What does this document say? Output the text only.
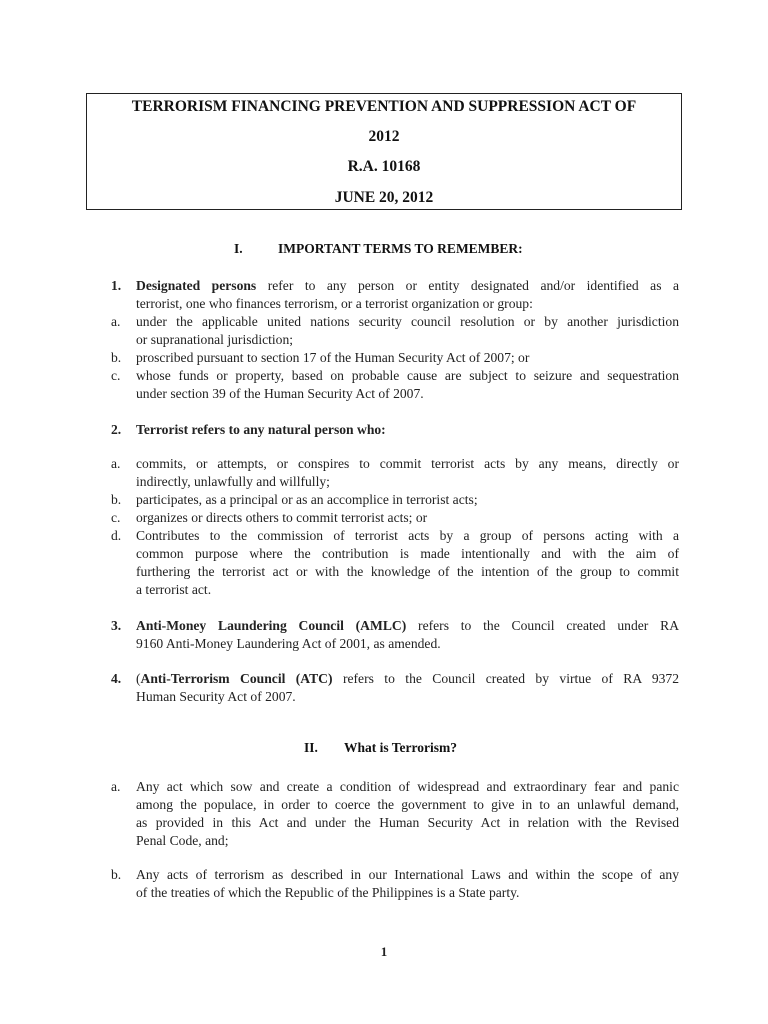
TERRORISM FINANCING PREVENTION AND SUPPRESSION ACT OF
2012
R.A. 10168
JUNE 20, 2012
I.	IMPORTANT TERMS TO REMEMBER:
1. Designated persons refer to any person or entity designated and/or identified as a
terrorist, one who finances terrorism, or a terrorist organization or group:
a. under the applicable united nations security council resolution or by another jurisdiction
or supranational jurisdiction;
b. proscribed pursuant to section 17 of the Human Security Act of 2007; or
c. whose funds or property, based on probable cause are subject to seizure and sequestration
under section 39 of the Human Security Act of 2007.
2. Terrorist refers to any natural person who:
a. commits, or attempts, or conspires to commit terrorist acts by any means, directly or
indirectly, unlawfully and willfully;
b. participates, as a principal or as an accomplice in terrorist acts;
c. organizes or directs others to commit terrorist acts; or
d. Contributes to the commission of terrorist acts by a group of persons acting with a
common purpose where the contribution is made intentionally and with the aim of
furthering the terrorist act or with the knowledge of the intention of the group to commit
a terrorist act.
3. Anti-Money Laundering Council (AMLC) refers to the Council created under RA
9160 Anti-Money Laundering Act of 2001, as amended.
4. (Anti-Terrorism Council (ATC) refers to the Council created by virtue of RA 9372
Human Security Act of 2007.
II. What is Terrorism?
a. Any act which sow and create a condition of widespread and extraordinary fear and panic
among the populace, in order to coerce the government to give in to an unlawful demand,
as provided in this Act and under the Human Security Act in relation with the Revised
Penal Code, and;
b. Any acts of terrorism as described in our International Laws and within the scope of any
of the treaties of which the Republic of the Philippines is a State party.
1
